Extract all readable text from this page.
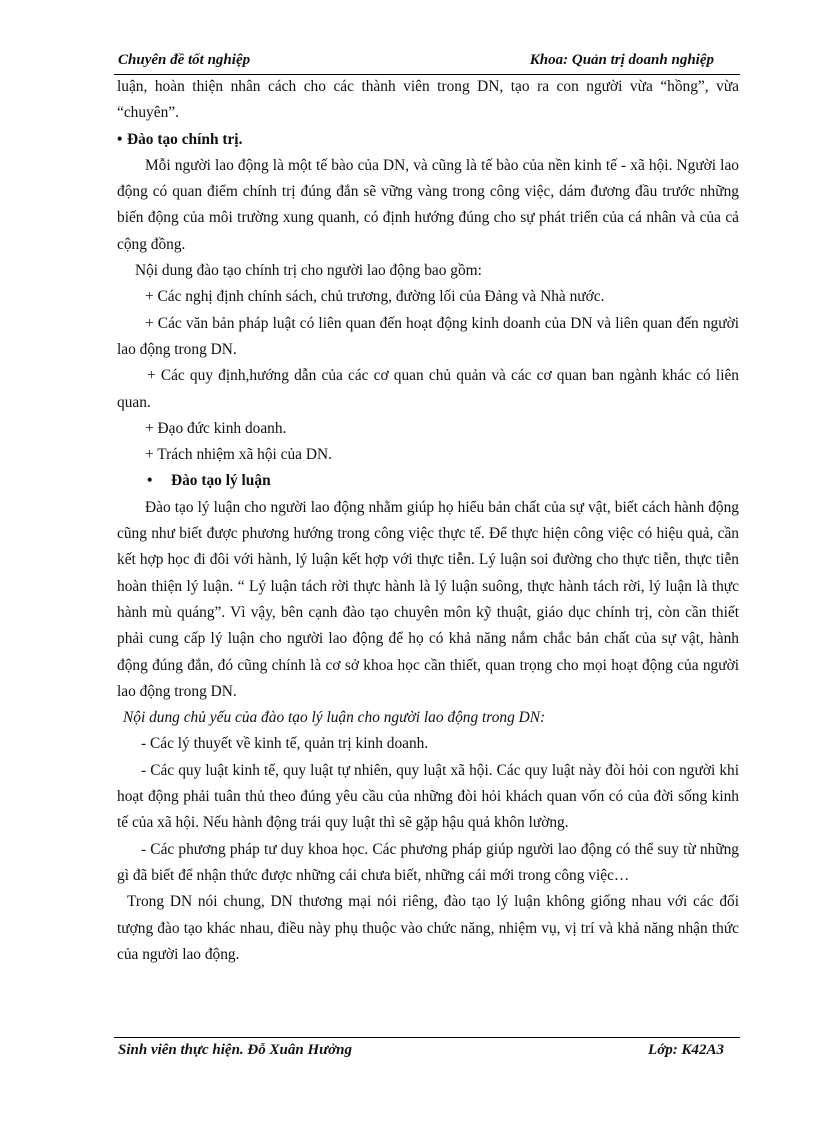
Chuyên đề tốt nghiệp	Khoa: Quản trị doanh nghiệp

luận, hoàn thiện nhân cách cho các thành viên trong DN, tạo ra con người vừa “hồng”, vừa “chuyên”.

• Đào tạo chính trị.

Mỗi người lao động là một tế bào của DN, và cũng là tế bào của nền kinh tế - xã hội. Người lao động có quan điểm chính trị đúng đắn sẽ vững vàng trong công việc, dám đương đầu trước những biến động của môi trường xung quanh, có định hướng đúng cho sự phát triển của cá nhân và của cả cộng đồng.

Nội dung đào tạo chính trị cho người lao động bao gồm:

+ Các nghị định chính sách, chủ trương, đường lối của Đảng và Nhà nước.

+ Các văn bản pháp luật có liên quan đến hoạt động kinh doanh của DN và liên quan đến người lao động trong DN.

+ Các quy định,hướng dẫn của các cơ quan chủ quản và các cơ quan ban ngành khác có liên quan.

+ Đạo đức kinh doanh.

+ Trách nhiệm xã hội của DN.

• Đào tạo lý luận

Đào tạo lý luận cho người lao động nhằm giúp họ hiểu bản chất của sự vật, biết cách hành động cũng như biết được phương hướng trong công việc thực tế. Để thực hiện công việc có hiệu quả, cần kết hợp học đi đôi với hành, lý luận kết hợp với thực tiễn. Lý luận soi đường cho thực tiễn, thực tiễn hoàn thiện lý luận. “ Lý luận tách rời thực hành là lý luận suông, thực hành tách rời, lý luận là thực hành mù quáng”. Vì vậy, bên cạnh đào tạo chuyên môn kỹ thuật, giáo dục chính trị, còn cần thiết phải cung cấp lý luận cho người lao động để họ có khả năng nắm chắc bản chất của sự vật, hành động đúng đắn, đó cũng chính là cơ sở khoa học cần thiết, quan trọng cho mọi hoạt động của người lao động trong DN.

Nội dung chủ yếu của đào tạo lý luận cho người lao động trong DN:

- Các lý thuyết về kinh tế, quản trị kinh doanh.

- Các quy luật kinh tế, quy luật tự nhiên, quy luật xã hội. Các quy luật này đòi hỏi con người khi hoạt động phải tuân thủ theo đúng yêu cầu của những đòi hỏi khách quan vốn có của đời sống kinh tế của xã hội. Nếu hành động trái quy luật thì sẽ gặp hậu quả khôn lường.

- Các phương pháp tư duy khoa học. Các phương pháp giúp người lao động có thể suy từ những gì đã biết để nhận thức được những cái chưa biết, những cái mới trong công việc…

Trong DN nói chung, DN thương mại nói riêng, đào tạo lý luận không giống nhau với các đối tượng đào tạo khác nhau, điều này phụ thuộc vào chức năng, nhiệm vụ, vị trí và khả năng nhận thức của người lao động.

Sinh viên thực hiện. Đỗ Xuân Hưởng	Lớp: K42A3
